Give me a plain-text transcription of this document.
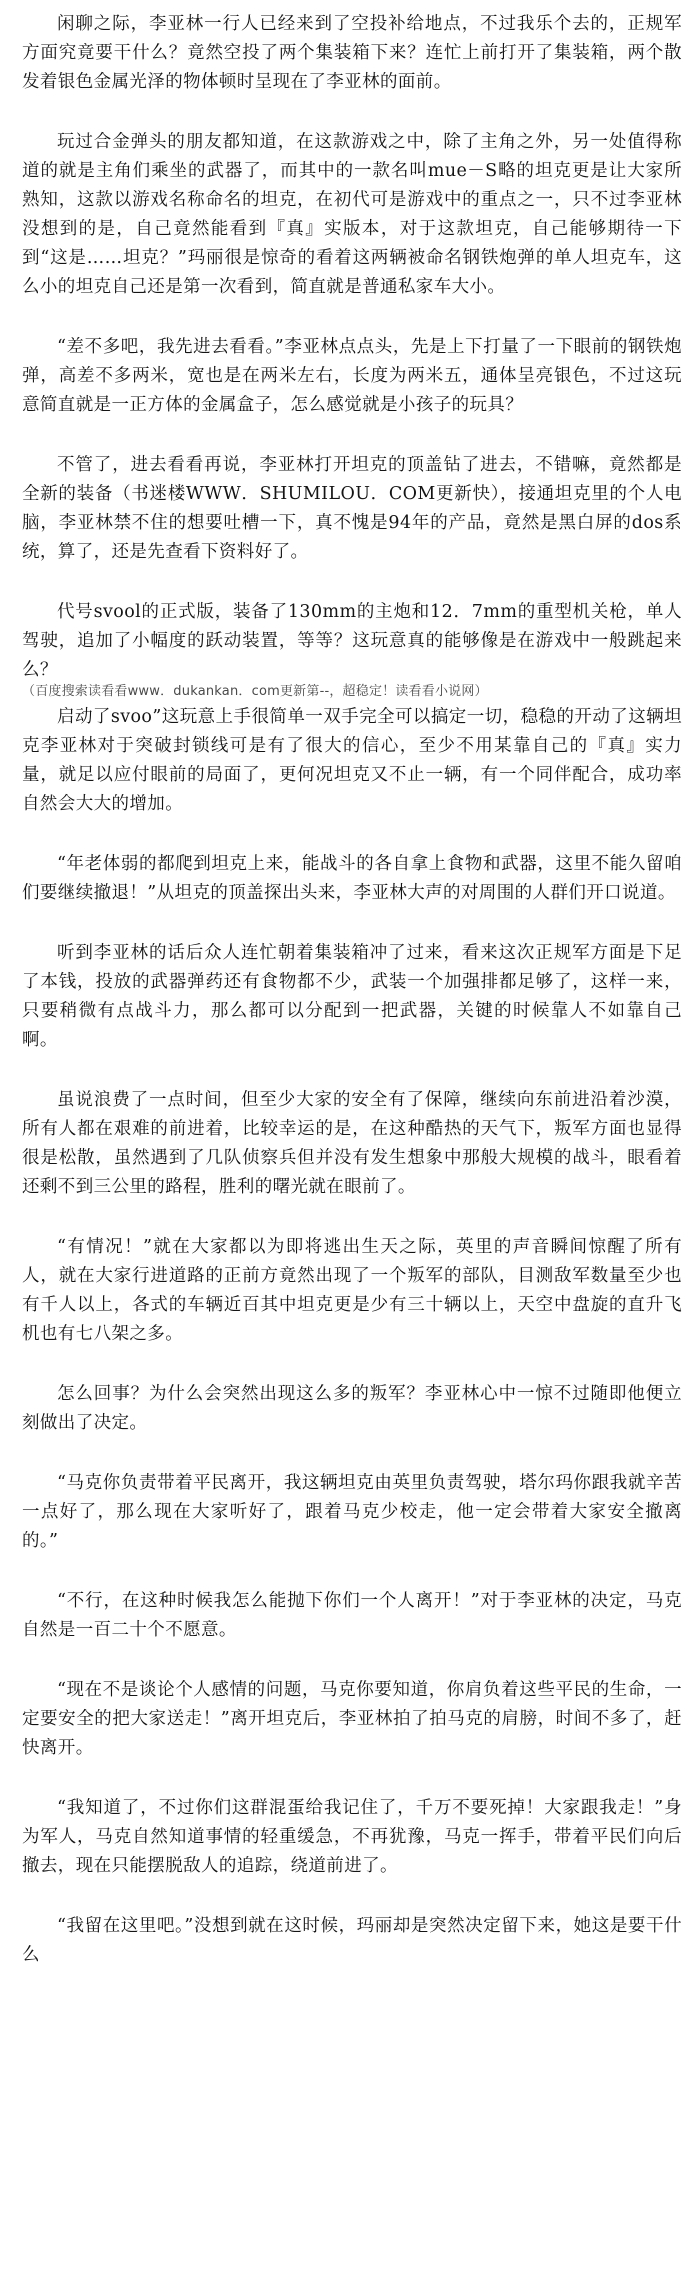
闲聊之际，李亚林一行人已经来到了空投补给地点，不过我乐个去的，正规军方面究竟要干什么？竟然空投了两个集装箱下来？连忙上前打开了集装箱，两个散发着银色金属光泽的物体顿时呈现在了李亚林的面前。

玩过合金弹头的朋友都知道，在这款游戏之中，除了主角之外，另一处值得称道的就是主角们乘坐的武器了，而其中的一款名叫mue－S略的坦克更是让大家所熟知，这款以游戏名称命名的坦克，在初代可是游戏中的重点之一，只不过李亚林没想到的是，自己竟然能看到『真』实版本，对于这款坦克，自己能够期待一下到“这是……坦克？”玛丽很是惊奇的看着这两辆被命名钢铁炮弹的单人坦克车，这么小的坦克自己还是第一次看到，简直就是普通私家车大小。

“差不多吧，我先进去看看。”李亚林点点头，先是上下打量了一下眼前的钢铁炮弹，高差不多两米，宽也是在两米左右，长度为两米五，通体呈亮银色，不过这玩意简直就是一正方体的金属盒子，怎么感觉就是小孩子的玩具？

不管了，进去看看再说，李亚林打开坦克的顶盖钻了进去，不错嘛，竟然都是全新的装备（书迷楼WWW．SHUMILOU．COM更新快），接通坦克里的个人电脑，李亚林禁不住的想要吐槽一下，真不愧是94年的产品，竟然是黑白屏的dos系统，算了，还是先查看下资料好了。

代号svool的正式版，装备了130mm的主炮和12．7mm的重型机关枪，单人驾驶，追加了小幅度的跃动装置，等等？这玩意真的能够像是在游戏中一般跳起来么？

（百度搜索读看看www．dukankan．com更新第--，超稳定！读看看小说网）

启动了svoo”这玩意上手很简单一双手完全可以搞定一切，稳稳的开动了这辆坦克李亚林对于突破封锁线可是有了很大的信心，至少不用某靠自己的『真』实力量，就足以应付眼前的局面了，更何况坦克又不止一辆，有一个同伴配合，成功率自然会大大的增加。

“年老体弱的都爬到坦克上来，能战斗的各自拿上食物和武器，这里不能久留咱们要继续撤退！”从坦克的顶盖探出头来，李亚林大声的对周围的人群们开口说道。

听到李亚林的话后众人连忙朝着集装箱冲了过来，看来这次正规军方面是下足了本钱，投放的武器弹药还有食物都不少，武装一个加强排都足够了，这样一来，只要稍微有点战斗力，那么都可以分配到一把武器，关键的时候靠人不如靠自己啊。

虽说浪费了一点时间，但至少大家的安全有了保障，继续向东前进沿着沙漠，所有人都在艰难的前进着，比较幸运的是，在这种酷热的天气下，叛军方面也显得很是松散，虽然遇到了几队侦察兵但并没有发生想象中那般大规模的战斗，眼看着还剩不到三公里的路程，胜利的曙光就在眼前了。

“有情况！”就在大家都以为即将逃出生天之际，英里的声音瞬间惊醒了所有人，就在大家行进道路的正前方竟然出现了一个叛军的部队，目测敌军数量至少也有千人以上，各式的车辆近百其中坦克更是少有三十辆以上，天空中盘旋的直升飞机也有七八架之多。

怎么回事？为什么会突然出现这么多的叛军？李亚林心中一惊不过随即他便立刻做出了决定。

“马克你负责带着平民离开，我这辆坦克由英里负责驾驶，塔尔玛你跟我就辛苦一点好了，那么现在大家听好了，跟着马克少校走，他一定会带着大家安全撤离的。”

“不行，在这种时候我怎么能抛下你们一个人离开！”对于李亚林的决定，马克自然是一百二十个不愿意。

“现在不是谈论个人感情的问题，马克你要知道，你肩负着这些平民的生命，一定要安全的把大家送走！”离开坦克后，李亚林拍了拍马克的肩膀，时间不多了，赶快离开。

“我知道了，不过你们这群混蛋给我记住了，千万不要死掉！大家跟我走！”身为军人，马克自然知道事情的轻重缓急，不再犹豫，马克一挥手，带着平民们向后撤去，现在只能摆脱敌人的追踪，绕道前进了。

“我留在这里吧。”没想到就在这时候，玛丽却是突然决定留下来，她这是要干什么
